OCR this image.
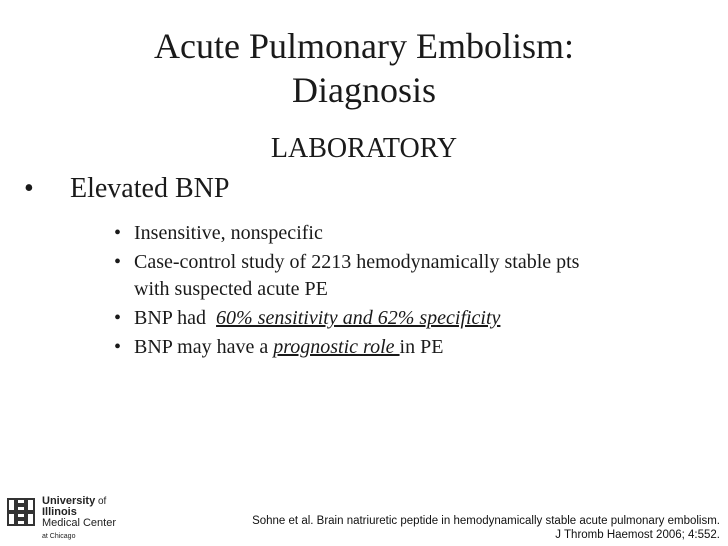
Acute Pulmonary Embolism:
Diagnosis
LABORATORY
• Elevated BNP
• Insensitive, nonspecific
• Case-control study of 2213 hemodynamically stable pts
with suspected acute PE
• BNP had  60% sensitivity and 62% specificity
• BNP may have a prognostic role in PE
University of
Illinois
Medical Center
at Chicago
Sohne et al. Brain natriuretic peptide in hemodynamically stable acute pulmonary embolism.
J Thromb Haemost 2006; 4:552.
